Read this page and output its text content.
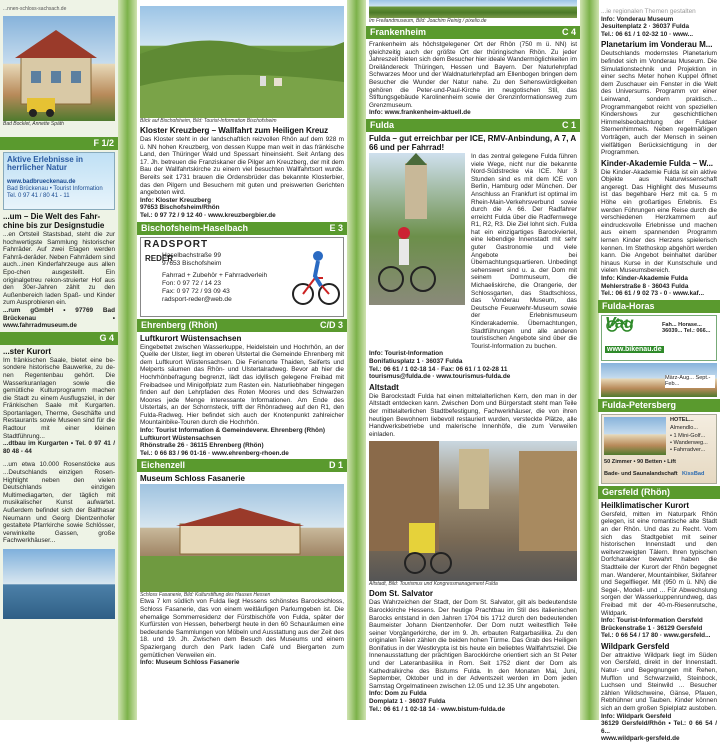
...nnen-schloss-sachsach.de
Bad Bocklet, Annette Späth
F 1/2
Aktive Erlebnisse in herrlicher Natur
www.badbrueckenau.de
Bad Brückenau • Tourist Information
Tel. 0 97 41 / 80 41 - 11
...um – Die Welt des Fahr-chine bis zur Designstudie

...en Ortsteil Stastsbad, steht die zur hochwertigste Sammlung historischer Fahrräder. Auf zwei Etagen werden Fahrrä-deräder. Neben Fahrrädern sind auch...inen Kinderfahrzeuge aus allen Epo-chen ausgestellt. Ein originalgetreu rekon-struierter Hof aus den 30er-Jahren zählt zu den Außenbereich laden Spaß- und Kinder zum Ausprobieren ein.

...rum gGmbH • 97769 Bad Brückenau • www.fahrradmuseum.de

G 4
...ster Kurort

Im fränkischen Saale, bietet eine be-sondere historische Bauwerke, zu de-nen Regentenbau gehört. Die Wasserkuranlagen sowie die gemütliche Kulturprogramm machen die Stadt zu einem Ausflugsziel, in der Fränkischen Saale mit Kurgarten. Sportanlagen, Therme, Geschäfte und Restaurants sowie Museen sind für die Radtour mit einer kleinen Stadtführung...

...dtbau im Kurgarten • Tel. 0 97 41 / 80 48 - 44

...um etwa 10.000 Rosenstöcke aus ...Deutschlands einzigen Rosen-Highlight neben den vielen Deutschlands einzigen Multimediagarten, der täglich mit musikalischer Kunst aufwartet. Außerdem befindet sich der Balthasar Neumann und Georg Dientzenhofer gestaltete Pfarrkirche sowie Schlösser, verwinkelte Gassen, große Fachwerkhäuser...

Blick auf Bischofsheim, Bild: Tourist-Information Bischofsheim
Kloster Kreuzberg – Wallfahrt zum Heiligen Kreuz

Das Kloster steht in der landschaftlich reizvollen Rhön auf dem 928 m ü. NN hohen Kreuzberg, von dessen Kuppe man weit in das fränkische Land, den Thüringer Wald und Spessart hineinsieht. Seit Anfang des 17. Jh. betreuen die Franziskaner die Pilger am Kreuzberg, der mit dem Bau der Wallfahrtskirche zu einem viel besuchten Wallfahrtsort wurde. Bereits seit 1731 brauen die Ordensbrüder das bekannte Klosterbier, das den Pilgern und Besuchern mit guten und preiswerten Gerichten angeboten wird.

Info: Kloster Kreuzberg

97653 Bischofsheim/Rhön

Tel.: 0 97 72 / 9 12 40 · www.kreuzbergbier.de

Bischofsheim-Haselbach	E 3
RADSPORT
REDER
Haselbachstraße 99
97653 Bischofsheim
Fahrrad + Zubehör + Fahrradverleih
Fon: 0 97 72 / 14 23
Fax: 0 97 72 / 93 09 43
radsport-reder@web.de
Ehrenberg (Rhön)	C/D 3
Luftkurort Wüstensachsen

Eingebettet zwischen Wasserkuppe, Heidelstein und Hochrhön, an der Quelle der Ulster, liegt im oberen Ulstertal die Gemeinde Ehrenberg mit dem Luftkurort Wüstensachsen. Die Ferienorte Thaiden, Seiferts und Melperts säumen das Rhön- und Ulstertalradweg. Bevor ab hier die Hochrhönbefragung begrenzt, lädt das idyllisch gelegene Freibad mit Freibadsee und Minigolfplatz zum Rasten ein. Naturliebhaber hingegen finden auf den Lehrpfaden des Roten Moores und des Schwarzen Moores jede Menge interessante Informationen. Am Ende des Ulstertals, an der Schornsteck, trifft der Rhönradweg auf den R1, den Fulda-Radweg. Hier befindet sich auch der Knotenpunkt zahlreicher Mountainbike-Touren durch die Hochrhön.

Info: Tourist Information & Gemeindeverw. Ehrenberg (Rhön)

Luftkurort Wüstensachsen

Rhönstraße 26 · 36115 Ehrenberg (Rhön)

Tel.: 0 66 83 / 96 01-16 · www.ehrenberg-rhoen.de

Eichenzell	D 1
Museum Schloss Fasanerie
Schloss Fasanerie, Bild: Kulturstiftung des Hauses Hessen

Etwa 7 km südlich von Fulda liegt Hessens schönstes Barockschloss, Schloss Fasanerie, das von einem weitläufigen Parkumgeben ist. Die ehemalige Sommerresidenz der Fürstbischöfe von Fulda, später der Kurfürsten von Hessen, beherbergt heute in den 60 Schauräumen eine bedeutende Sammlungen von Möbeln und Ausstattung aus der Zeit des 18. und 19. Jh. Zwischen dem Besuch des Museums und einem Spaziergang durch den Park laden Café und Biergarten zum gemütlichen Verweilen ein.

Info: Museum Schloss Fasanerie

Im Freilandmuseum, Bild: Joachim Reinig / pixelio.de
Frankenheim	C 4

Frankenheim als höchstgelegener Ort der Rhön (750 m ü. NN) ist gleichzeitig auch der größte Ort der thüringischen Rhön. Zu jeder Jahreszeit bieten sich dem Besucher hier ideale Wandermöglichkeiten im Dreiländereck Thüringen, Hessen und Bayern. Der Naturlehrpfad Schwarzes Moor und der Waldnaturlehrpfad am Ellenbogen bringen dem Besucher die Wunder der Natur nahe. Zu den Sehenswürdigkeiten gehören die Peter-und-Paul-Kirche im neugotischen Stil, das Stiftungsgebäude Karolinenheim sowie der Grenzinformationsweg zum Grenzmuseum.

Info: www.frankenheim-aktuell.de

Fulda	C 1
Fulda – gut erreichbar per ICE, RMV-Anbindung, A 7, A 66 und per Fahrrad!

In das zentral gelegene Fulda führen viele Wege, nicht nur die bekannte Nord-Südstrecke via ICE. Nur 3 Stunden sind es mit dem ICE von Berlin, Hamburg oder München. Der Anschluss an Frankfurt ist optimal im Rhein-Main-Verkehrsverbund sowie durch die A 66. Der Radfahrer erreicht Fulda über die Radfernwege R1, R2, R3. Die Ziel lohnt sich. Fulda hat ein einzigartiges Barockviertel, eine lebendige Innenstadt mit sehr guter Gastronomie und viele Angebote bei Übernachtungsquartieren. Unbedingt sehenswert sind u. a. der Dom mit seinem Dommuseum, die Michaeliskirche, die Orangerie, der Schlossgarten, das Stadtschloss, das Vonderau Museum, das Deutsche Feuerwehr-Museum sowie der Erlebnismuseum Kinderakademie. Übernachtungen, Stadtführungen und alle anderen touristischen Angebote sind über die Tourist-Information zu buchen.

Info: Tourist-Information

Bonifatiusplatz 1 · 36037 Fulda

Tel.: 06 61 / 1 02-18 14 · Fax: 06 61 / 1 02-28 11

tourismus@fulda.de · www.tourismus-fulda.de

Altstadt

Die Barockstadt Fulda hat einen mittelalterlichen Kern, den man in der Altstadt entdecken kann. Zwischen Dom und Bürgerstadt steht man Teile der mittelalterlichen Stadtbefestigung, Fachwerkhäuser, die von ihren heutigen Bewohnern liebevoll restauriert wurden, versteckte Plätze, alle Handwerksbetriebe und malerische Innenhöfe, die zum Verweilen einladen.

Altstadt, Bild: Tourismus und Kongressmanagement Fulda
Dom St. Salvator

Das Wahrzeichen der Stadt, der Dom St. Salvator, gilt als bedeutendste Barockkirche Hessens. Der heutige Prachtbau im Stil des italienischen Barocks entstand in den Jahren 1704 bis 1712 durch den bedeutenden Baumeister Johann Dientzenhofer. Der Dom nutzt weitestflich Teile seiner Vorgängerkirche, der im 9. Jh. erbauten Ratgarbasilika. Zu den originalen Teilen zählen die beiden hohen Türme. Das Grab des Heiligen Bonifatius in der Westkrypta ist bis heute ein beliebtes Wallfahrtsziel. Die Innenausstattung der prächtigen Barockkirche orientiert sich an St Peter und der Lateranbasilika in Rom. Seit 1752 dient der Dom als Kathedralkirche des Bistums Fulda. In den Monaten Mai, Juni, September, Oktober und in der Adventszeit werden im Dom jeden Samstag Orgelmatineen zwischen 12.05 und 12.35 Uhr angeboten.

Info: Dom zu Fulda

Domplatz 1 · 36037 Fulda

Tel.: 06 61 / 1 02-18 14 · www.bistum-fulda.de

...ie regionalen Themen gestalten

Info: Vonderau Museum

Jesuitenplatz 2 · 36037 Fulda

Tel.: 06 61 / 1 02-32 10 · www...

Planetarium im Vonderau M...

Deutschlands modernstes Planetarium befindet sich im Vonderau Museum. Die Simulationstechnik und Projektion in einer sechs Meter hohen Kuppel öffnet dem Zuschauer ein Fenster in die Welt des Universums. Programm vor einer Leinwand, sondern praktisch... Programmangebot reicht von speziellen Kindershows zur geschichtlichen Himmelsbeobachtung der Fuldaer Sternenhimmels. Neben regelmäßigen Vorträgen, auch der Mensch in seinen vielfältigen Berücksichtigung in der Programmen.

Kinder-Akademie Fulda – W...

Die Kinder-Akademie Fulda ist ein aktive Objekte aus Naturwissenschaft angeregt. Das Highlight des Museums ist das begehbare Herz mit ca. 5 m Höhe ein großartiges Erlebnis. Es werden Führungen eine Reise durch die verschiedenen Herzkammern auf eindrucksvolle Erlebnisse und machen aus einem spannenden Programm lernen Kinder des Herzens spielerisch kennen. Im Stethoskop abgehört werden kann. Die Angebot beinhaltet darüber hinaus Kurse in der Kunstschule und vielen Museumsbereich.

Info: Kinder-Akademie Fulda

Mehlerstraße 8 · 36043 Fulda

Tel.: 06 61 / 9 02 73 - 0 · www.kaf...

Fulda-Horas
Vau
www.bikenau.de
Fah... Horase... 36039... Tel.: 066...
März-Aug... Sept.-Feb...
Fulda-Petersberg
HOTEL...
Almendlo...
• 1 Mini-Golf...
• Wanderweg...
• Fahrradver...
50 Zimmer • 90 Betten • Lift
Bade- und Saunalandschaft KissBad
Gersfeld (Rhön)
Heilklimatischer Kurort

Gersfeld, mitten im Naturpark Rhön gelegen, ist eine romantische alte Stadt an der Rhön. Und das zu Recht. Vom sich das Stadtgebiet mit seiner historischen Innenstadt und den weitverzweigten Tälern. Ihren typischen Dorfcharakter bewahrt haben die Stadtteile der Kurort der Rhön begegnet man. Wanderer, Mountainbiker, Skifahrer und Segelflieger. Mit (950 m ü. NN) die Segel-, Modell- und ... Für Abwechslung sorgen der Wasserkuppenrundweg, das Freibad mit der 40-m-Riesenrutsche, Wildpark.

Info: Tourist-Information Gersfeld

Brückenstraße 1 · 36129 Gersfeld

Tel.: 0 66 54 / 17 80 · www.gersfeld...

Wildpark Gersfeld

Der attraktive Wildpark liegt im Süden von Gersfeld, direkt in der Innenstadt. Natur- und Begegnungen mit Rehen, Mufflon und Schwarzwild, Steinbock, Luchsen und Steinwild ... Besucher zählen Wildschweine, Gänse, Pfauen, Rebhühner und Tauben. Kinder können sich an dem großen Spielplatz austoben.

Info: Wildpark Gersfeld

36129 Gersfeld/Rhön • Tel.: 0 66 54 / 6...

www.wildpark-gersfeld.de
